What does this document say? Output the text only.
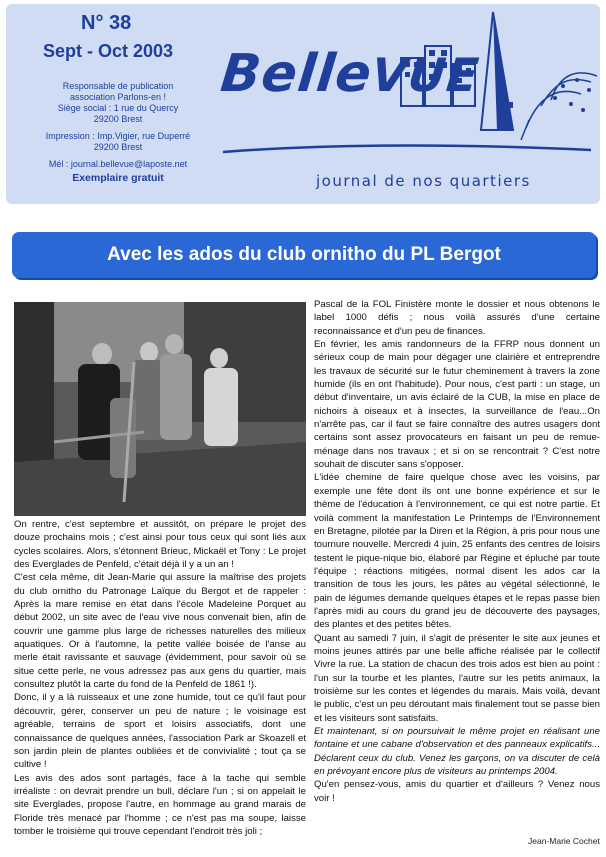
N° 38
Sept - Oct 2003
Responsable de publication
association Parlons-en !
Siège social : 1 rue du Quercy
29200 Brest
Impression : Imp.Vigier, rue Duperré
29200 Brest
Mél : journal.bellevue@laposte.net
Exemplaire gratuit
BelleVUE
journal de nos quartiers
Avec les ados du club ornitho du PL Bergot

On rentre, c'est septembre et aussitôt, on prépare le projet des douze prochains mois ; c'est ainsi pour tous ceux qui sont liés aux cycles scolaires. Alors, s'étonnent Brieuc, Mickaël et Tony : Le projet des Everglades de Penfeld, c'était déjà il y a un an !

C'est cela même, dit Jean-Marie qui assure la maîtrise des projets du club ornitho du Patronage Laïque du Bergot et de rappeler : Après la mare remise en état dans l'école Madeleine Porquet au début 2002, un site avec de l'eau vive nous convenait bien, afin de couvrir une gamme plus large de richesses naturelles des milieux aquatiques. Or à l'automne, la petite vallée boisée de l'anse au merle était ravissante et sauvage (évidemment, pour savoir où se situe cette perle, ne vous adressez pas aux gens du quartier, mais consultez plutôt la carte du fond de la Penfeld de 1861 !).

Donc, il y a là ruisseaux et une zone humide, tout ce qu'il faut pour découvrir, gérer, conserver un peu de nature ; le voisinage est agréable, terrains de sport et loisirs associatifs, dont une connaissance de quelques années, l'association Park ar Skoazell et son jardin plein de plantes oubliées et de convivialité ; tout ça se cultive !

Les avis des ados sont partagés, face à la tache qui semble irréaliste : on devrait prendre un bull, déclare l'un ; si on appelait le site Everglades, propose l'autre, en hommage au grand marais de Floride très menacé par l'homme ; ce n'est pas ma soupe, laisse tomber le troisième qui trouve cependant l'endroit très joli ;

Pascal de la FOL Finistère monte le dossier et nous obtenons le label 1000 défis ; nous voilà assurés d'une certaine reconnaissance et d'un peu de finances.

En février, les amis randonneurs de la FFRP nous donnent un sérieux coup de main pour dégager une clairière et entreprendre les travaux de sécurité sur le futur cheminement à travers la zone humide (ils en ont l'habitude). Pour nous, c'est parti : un stage, un début d'inventaire, un avis éclairé de la CUB, la mise en place de nichoirs à oiseaux et à insectes, la surveillance de l'eau...On n'arrête pas, car il faut se faire connaître des autres usagers dont certains sont assez provocateurs en faisant un peu de remue-ménage dans nos travaux ; et si on se rencontrait ? C'est notre souhait de discuter sans s'opposer.

L'idée chemine de faire quelque chose avec les voisins, par exemple une fête dont ils ont une bonne expérience et sur le thème de l'éducation à l'environnement, ce qui est notre partie. Et voilà comment la manifestation Le Printemps de l'Environnement en Bretagne, pilotée par la Diren et la Région, à pris pour nous une tournure nouvelle. Mercredi 4 juin, 25 enfants des centres de loisirs testent le pique-nique bio, élaboré par Régine et épluché par toute l'équipe ; réactions mitigées, normal disent les ados car la transition de tous les jours, les pâtes au végétal sélectionné, le pain de légumes demande quelques étapes et le repas passe bien l'après midi au cours du grand jeu de découverte des paysages, des plantes et des petites bêtes.

Quant au samedi 7 juin, il s'agit de présenter le site aux jeunes et moins jeunes attirés par une belle affiche réalisée par le collectif Vivre la rue. La station de chacun des trois ados est bien au point : l'un sur la tourbe et les plantes, l'autre sur les petits animaux, la troisième sur les contes et légendes du marais. Mais voilà, devant le public, c'est un peu déroutant mais finalement tout se passe bien et les visiteurs sont satisfaits.

Et maintenant, si on poursuivait le même projet en réalisant une fontaine et une cabane d'observation et des panneaux explicatifs... Déclarent ceux du club. Venez les garçons, on va discuter de celà en prévoyant encore plus de visiteurs au printemps 2004.

Qu'en pensez-vous, amis du quartier et d'ailleurs ? Venez nous voir !

Jean-Marie Cochet
